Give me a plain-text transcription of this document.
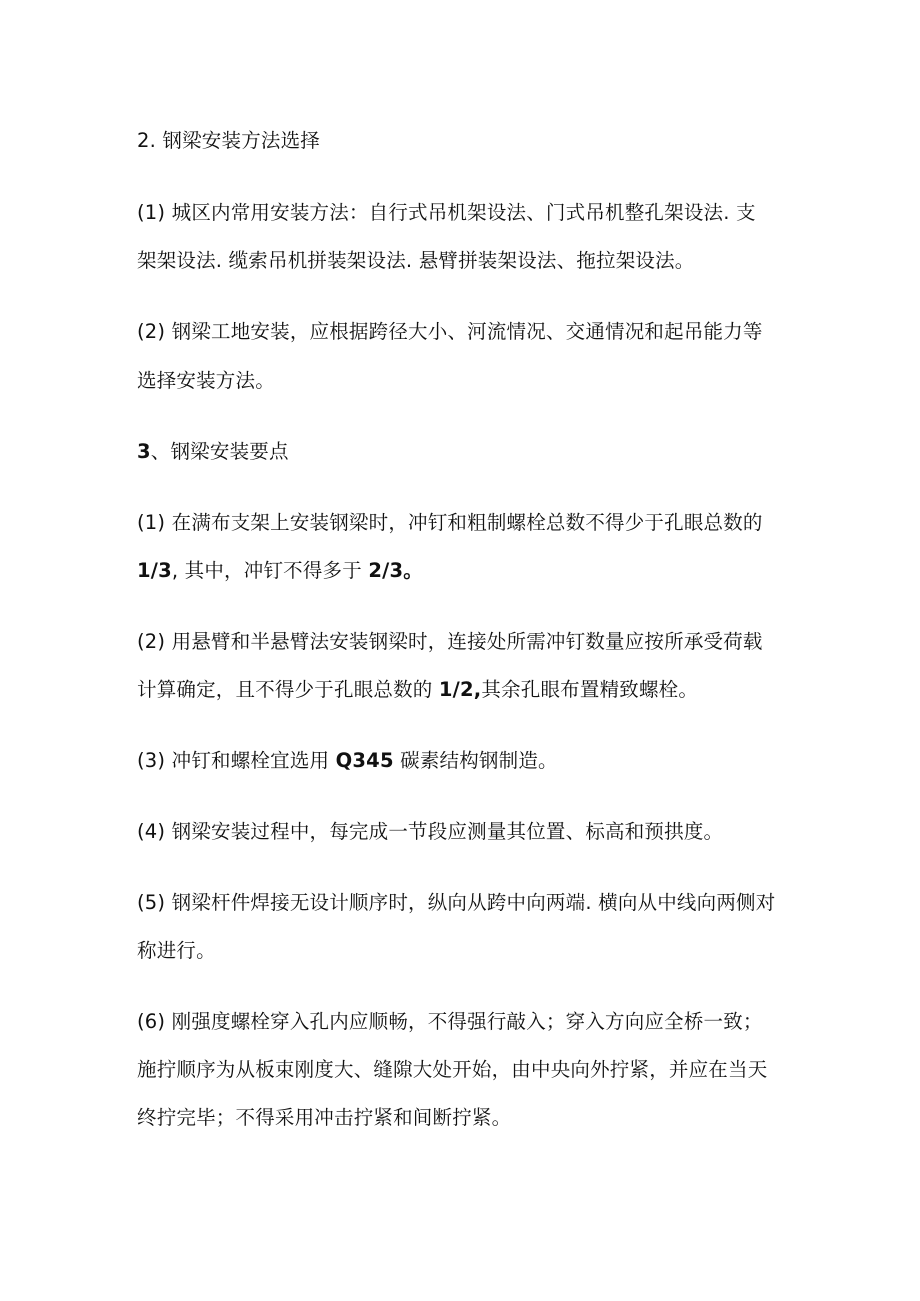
2. 钢梁安装方法选择
(1) 城区内常用安装方法：自行式吊机架设法、门式吊机整孔架设法. 支
架架设法. 缆索吊机拼装架设法. 悬臂拼装架设法、拖拉架设法。
(2) 钢梁工地安装，应根据跨径大小、河流情况、交通情况和起吊能力等
选择安装方法。
3、钢梁安装要点
(1) 在满布支架上安装钢梁时，冲钉和粗制螺栓总数不得少于孔眼总数的
1/3, 其中，冲钉不得多于 2/3。
(2) 用悬臂和半悬臂法安装钢梁时，连接处所需冲钉数量应按所承受荷载
计算确定，且不得少于孔眼总数的 1/2,其余孔眼布置精致螺栓。
(3) 冲钉和螺栓宜选用 Q345 碳素结构钢制造。
(4) 钢梁安装过程中，每完成一节段应测量其位置、标高和预拱度。
(5) 钢梁杆件焊接无设计顺序时，纵向从跨中向两端. 横向从中线向两侧对
称进行。
(6) 刚强度螺栓穿入孔内应顺畅，不得强行敲入；穿入方向应全桥一致；
施拧顺序为从板束刚度大、缝隙大处开始，由中央向外拧紧，并应在当天
终拧完毕；不得采用冲击拧紧和间断拧紧。
